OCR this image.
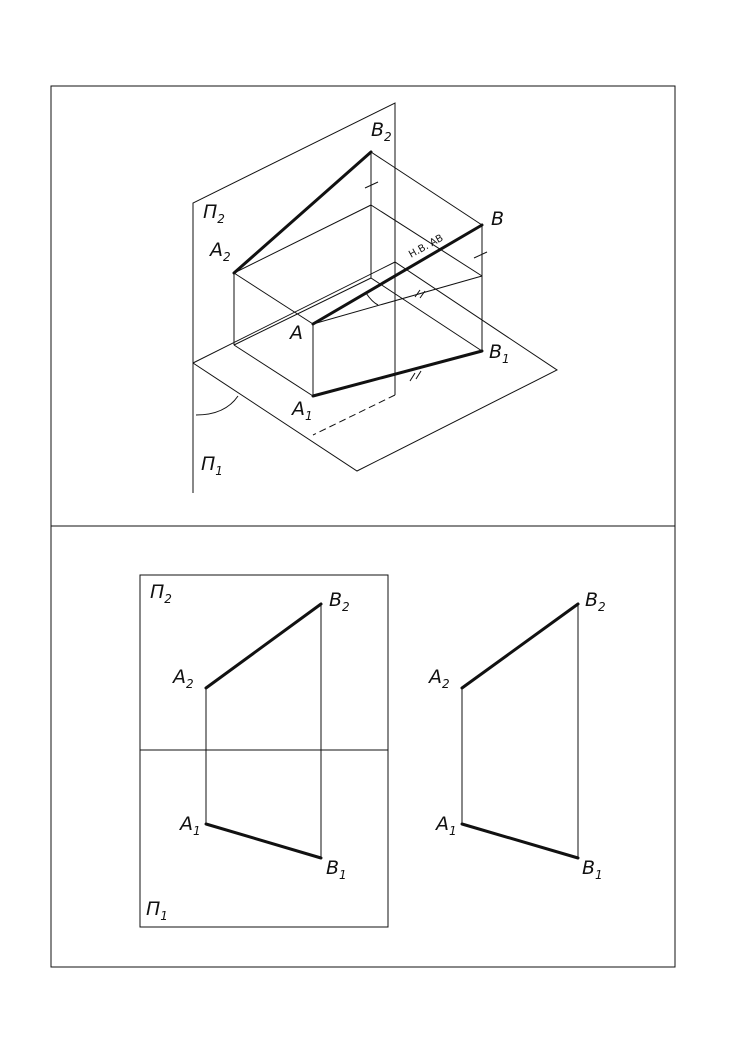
$П_2$
$П_1$
$A_2$
$B_2$
A
B
$A_1$
$B_1$
Н.В. АВ
$П_2$
$П_1$
$A_2$
$B_2$
$A_1$
$B_1$
$A_2$
$B_2$
$A_1$
$B_1$
